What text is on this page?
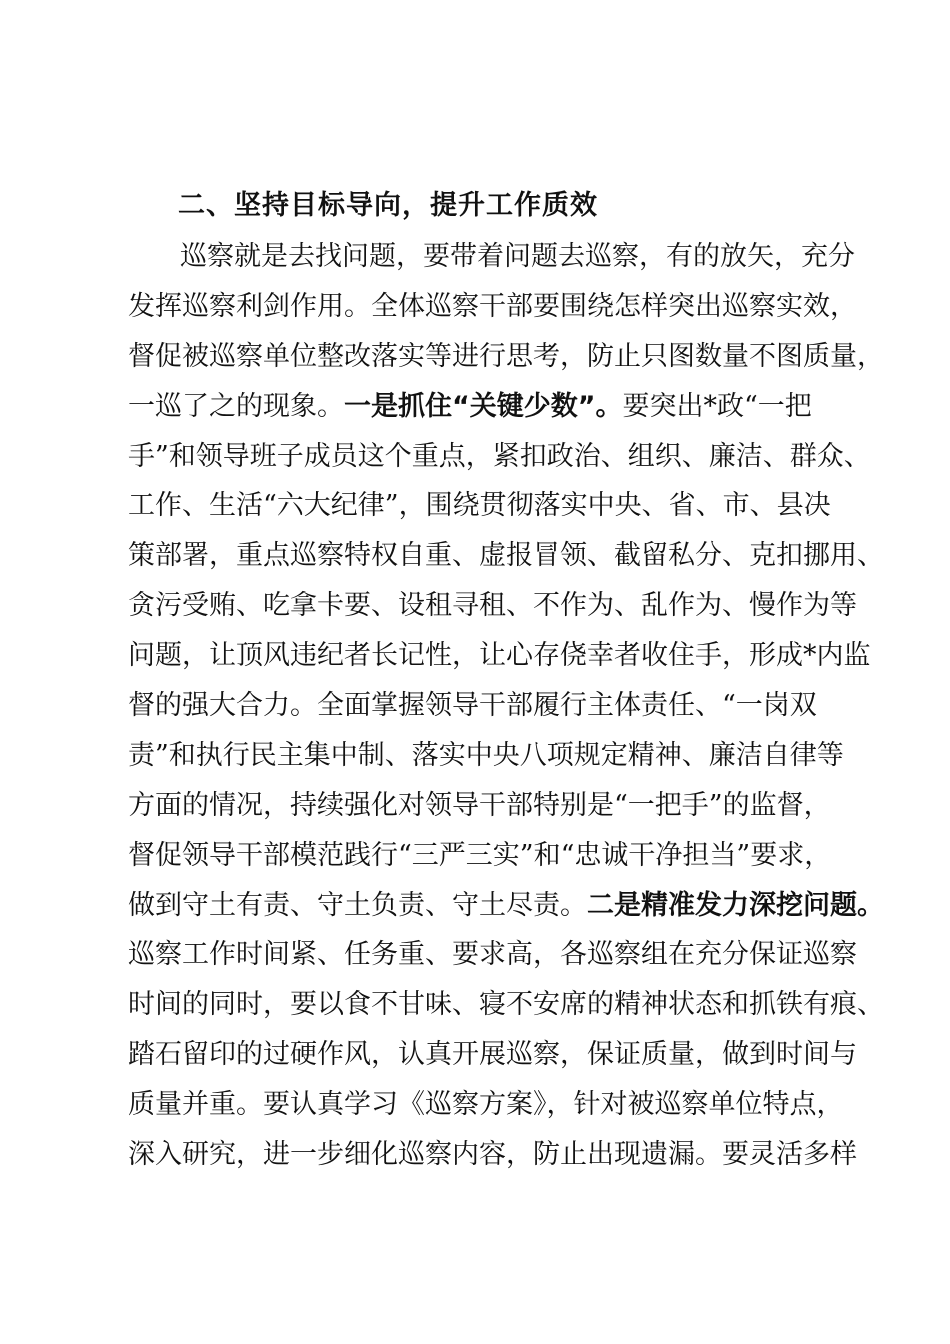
二、坚持目标导向，提升工作质效
巡察就是去找问题，要带着问题去巡察，有的放矢，充分
发挥巡察利剑作用。全体巡察干部要围绕怎样突出巡察实效，
督促被巡察单位整改落实等进行思考，防止只图数量不图质量，
一巡了之的现象。一是抓住“关键少数”。要突出*政“一把
手”和领导班子成员这个重点，紧扣政治、组织、廉洁、群众、
工作、生活“六大纪律”，围绕贯彻落实中央、省、市、县决
策部署，重点巡察特权自重、虚报冒领、截留私分、克扣挪用、
贪污受贿、吃拿卡要、设租寻租、不作为、乱作为、慢作为等
问题，让顶风违纪者长记性，让心存侥幸者收住手，形成*内监
督的强大合力。全面掌握领导干部履行主体责任、“一岗双
责”和执行民主集中制、落实中央八项规定精神、廉洁自律等
方面的情况，持续强化对领导干部特别是“一把手”的监督，
督促领导干部模范践行“三严三实”和“忠诚干净担当”要求，
做到守土有责、守土负责、守土尽责。二是精准发力深挖问题。
巡察工作时间紧、任务重、要求高，各巡察组在充分保证巡察
时间的同时，要以食不甘味、寝不安席的精神状态和抓铁有痕、
踏石留印的过硬作风，认真开展巡察，保证质量，做到时间与
质量并重。要认真学习《巡察方案》，针对被巡察单位特点，
深入研究，进一步细化巡察内容，防止出现遗漏。要灵活多样
